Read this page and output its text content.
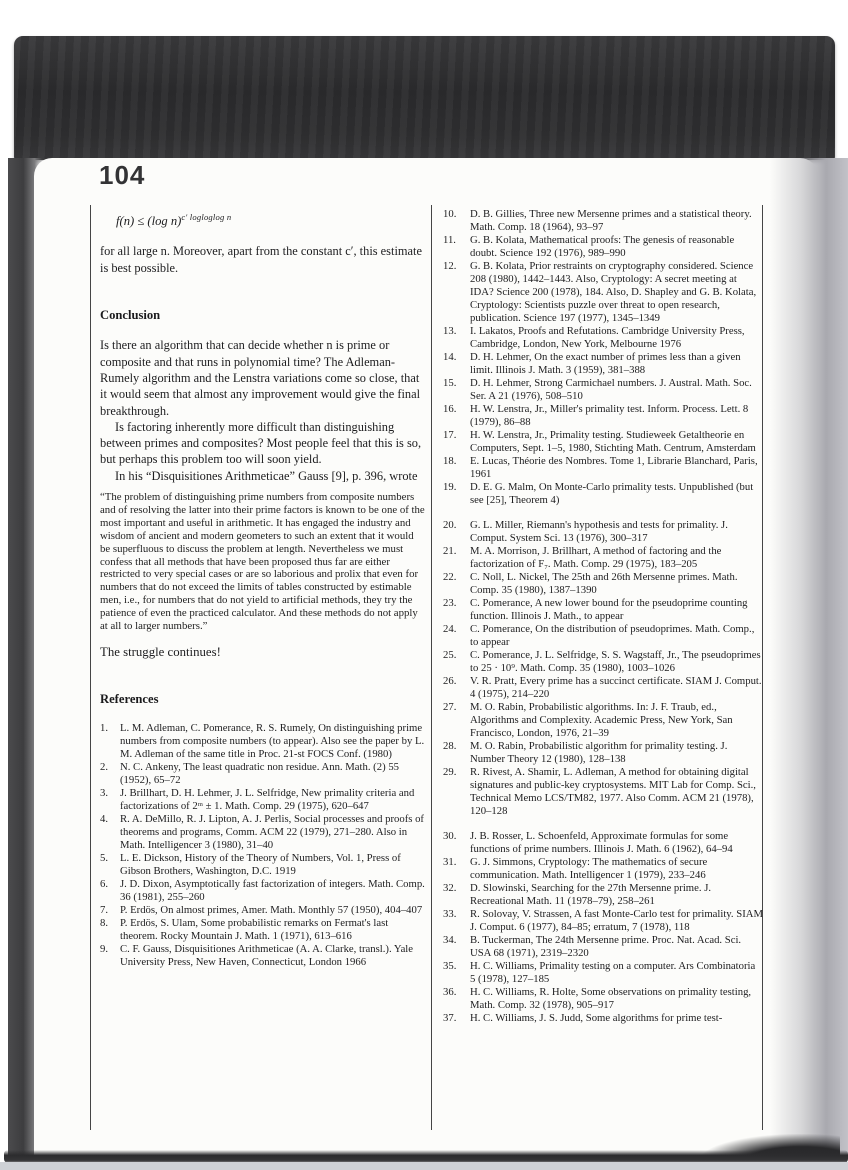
104
f(n) ≤ (log n)$^{c' logloglog n}$

for all large n. Moreover, apart from the constant c′, this estimate is best possible.

Conclusion

Is there an algorithm that can decide whether n is prime or composite and that runs in polynomial time? The Adleman-Rumely algorithm and the Lenstra variations come so close, that it would seem that almost any improvement would give the final breakthrough.

Is factoring inherently more difficult than distinguishing between primes and composites? Most people feel that this is so, but perhaps this problem too will soon yield.

In his “Disquisitiones Arithmeticae” Gauss [9], p. 396, wrote

“The problem of distinguishing prime numbers from composite numbers and of resolving the latter into their prime factors is known to be one of the most important and useful in arithmetic. It has engaged the industry and wisdom of ancient and modern geometers to such an extent that it would be superfluous to discuss the problem at length. Nevertheless we must confess that all methods that have been proposed thus far are either restricted to very special cases or are so laborious and prolix that even for numbers that do not exceed the limits of tables constructed by estimable men, i.e., for numbers that do not yield to artificial methods, they try the patience of even the practiced calculator. And these methods do not apply at all to larger numbers.”

The struggle continues!

References
1.	L. M. Adleman, C. Pomerance, R. S. Rumely, On distinguishing prime numbers from composite numbers (to appear). Also see the paper by L. M. Adleman of the same title in Proc. 21-st FOCS Conf. (1980)
2.	N. C. Ankeny, The least quadratic non residue. Ann. Math. (2) 55 (1952), 65–72
3.	J. Brillhart, D. H. Lehmer, J. L. Selfridge, New primality criteria and factorizations of 2ᵐ ± 1. Math. Comp. 29 (1975), 620–647
4.	R. A. DeMillo, R. J. Lipton, A. J. Perlis, Social processes and proofs of theorems and programs, Comm. ACM 22 (1979), 271–280. Also in Math. Intelligencer 3 (1980), 31–40
5.	L. E. Dickson, History of the Theory of Numbers, Vol. 1, Press of Gibson Brothers, Washington, D.C. 1919
6.	J. D. Dixon, Asymptotically fast factorization of integers. Math. Comp. 36 (1981), 255–260
7.	P. Erdös, On almost primes, Amer. Math. Monthly 57 (1950), 404–407
8.	P. Erdös, S. Ulam, Some probabilistic remarks on Fermat's last theorem. Rocky Mountain J. Math. 1 (1971), 613–616
9.	C. F. Gauss, Disquisitiones Arithmeticae (A. A. Clarke, transl.). Yale University Press, New Haven, Connecticut, London 1966
10.	D. B. Gillies, Three new Mersenne primes and a statistical theory. Math. Comp. 18 (1964), 93–97
11.	G. B. Kolata, Mathematical proofs: The genesis of reasonable doubt. Science 192 (1976), 989–990
12.	G. B. Kolata, Prior restraints on cryptography considered. Science 208 (1980), 1442–1443. Also, Cryptology: A secret meeting at IDA? Science 200 (1978), 184. Also, D. Shapley and G. B. Kolata, Cryptology: Scientists puzzle over threat to open research, publication. Science 197 (1977), 1345–1349
13.	I. Lakatos, Proofs and Refutations. Cambridge University Press, Cambridge, London, New York, Melbourne 1976
14.	D. H. Lehmer, On the exact number of primes less than a given limit. Illinois J. Math. 3 (1959), 381–388
15.	D. H. Lehmer, Strong Carmichael numbers. J. Austral. Math. Soc. Ser. A 21 (1976), 508–510
16.	H. W. Lenstra, Jr., Miller's primality test. Inform. Process. Lett. 8 (1979), 86–88
17.	H. W. Lenstra, Jr., Primality testing. Studieweek Getaltheorie en Computers, Sept. 1–5, 1980, Stichting Math. Centrum, Amsterdam
18.	E. Lucas, Théorie des Nombres. Tome 1, Librarie Blanchard, Paris, 1961
19.	D. E. G. Malm, On Monte-Carlo primality tests. Unpublished (but see [25], Theorem 4)
20.	G. L. Miller, Riemann's hypothesis and tests for primality. J. Comput. System Sci. 13 (1976), 300–317
21.	M. A. Morrison, J. Brillhart, A method of factoring and the factorization of F₇. Math. Comp. 29 (1975), 183–205
22.	C. Noll, L. Nickel, The 25th and 26th Mersenne primes. Math. Comp. 35 (1980), 1387–1390
23.	C. Pomerance, A new lower bound for the pseudoprime counting function. Illinois J. Math., to appear
24.	C. Pomerance, On the distribution of pseudoprimes. Math. Comp., to appear
25.	C. Pomerance, J. L. Selfridge, S. S. Wagstaff, Jr., The pseudoprimes to 25 · 10⁹. Math. Comp. 35 (1980), 1003–1026
26.	V. R. Pratt, Every prime has a succinct certificate. SIAM J. Comput. 4 (1975), 214–220
27.	M. O. Rabin, Probabilistic algorithms. In: J. F. Traub, ed., Algorithms and Complexity. Academic Press, New York, San Francisco, London, 1976, 21–39
28.	M. O. Rabin, Probabilistic algorithm for primality testing. J. Number Theory 12 (1980), 128–138
29.	R. Rivest, A. Shamir, L. Adleman, A method for obtaining digital signatures and public-key cryptosystems. MIT Lab for Comp. Sci., Technical Memo LCS/TM82, 1977. Also Comm. ACM 21 (1978), 120–128
30.	J. B. Rosser, L. Schoenfeld, Approximate formulas for some functions of prime numbers. Illinois J. Math. 6 (1962), 64–94
31.	G. J. Simmons, Cryptology: The mathematics of secure communication. Math. Intelligencer 1 (1979), 233–246
32.	D. Slowinski, Searching for the 27th Mersenne prime. J. Recreational Math. 11 (1978–79), 258–261
33.	R. Solovay, V. Strassen, A fast Monte-Carlo test for primality. SIAM J. Comput. 6 (1977), 84–85; erratum, 7 (1978), 118
34.	B. Tuckerman, The 24th Mersenne prime. Proc. Nat. Acad. Sci. USA 68 (1971), 2319–2320
35.	H. C. Williams, Primality testing on a computer. Ars Combinatoria 5 (1978), 127–185
36.	H. C. Williams, R. Holte, Some observations on primality testing, Math. Comp. 32 (1978), 905–917
37.	H. C. Williams, J. S. Judd, Some algorithms for prime test-
